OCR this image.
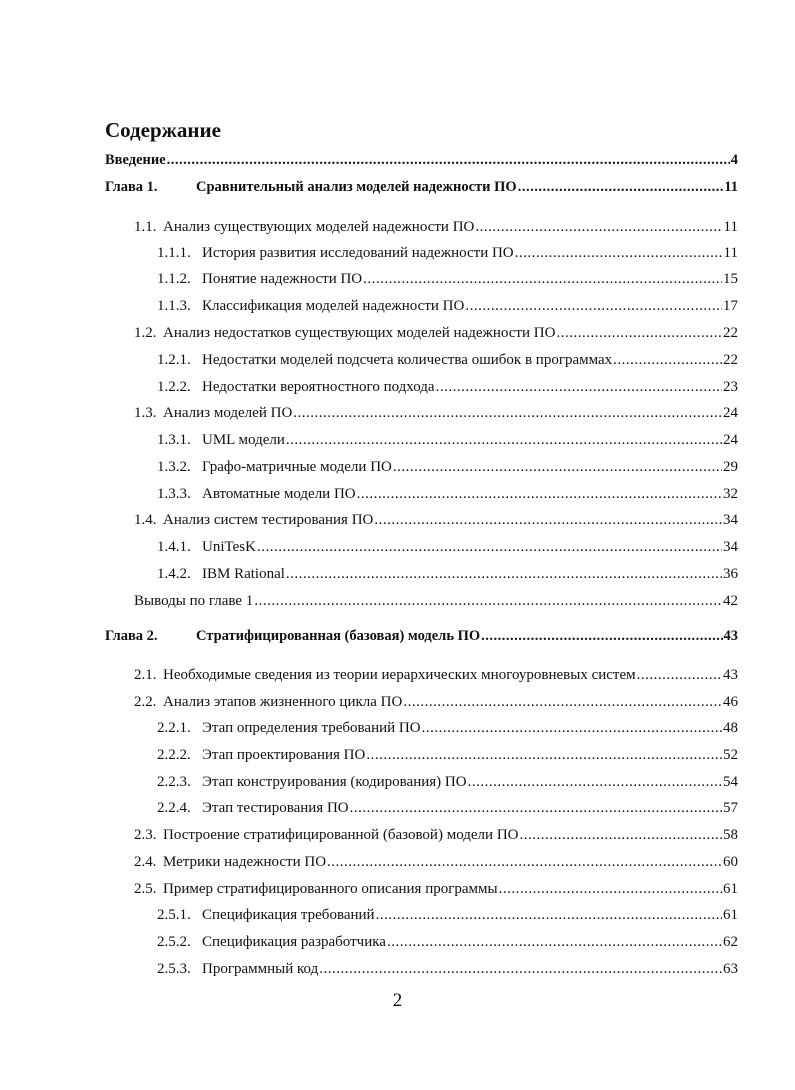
Содержание
Введение .....	4
Глава 1.	Сравнительный анализ моделей надежности ПО .....	11
1.1. Анализ существующих моделей надежности ПО .....	11
1.1.1. История развития исследований надежности ПО .....	11
1.1.2. Понятие надежности ПО .....	15
1.1.3. Классификация моделей надежности ПО .....	17
1.2. Анализ недостатков существующих моделей надежности ПО .....	22
1.2.1. Недостатки моделей подсчета количества ошибок в программах .....	22
1.2.2. Недостатки вероятностного подхода .....	23
1.3. Анализ моделей ПО .....	24
1.3.1. UML модели .....	24
1.3.2. Графо-матричные модели ПО .....	29
1.3.3. Автоматные модели ПО .....	32
1.4. Анализ систем тестирования ПО .....	34
1.4.1. UniTesK .....	34
1.4.2. IBM Rational .....	36
Выводы по главе 1 .....	42
Глава 2.	Стратифицированная (базовая) модель ПО .....	43
2.1. Необходимые сведения из теории иерархических многоуровневых систем .....	43
2.2. Анализ этапов жизненного цикла ПО .....	46
2.2.1. Этап определения требований ПО .....	48
2.2.2. Этап проектирования ПО .....	52
2.2.3. Этап конструирования (кодирования) ПО .....	54
2.2.4. Этап тестирования ПО .....	57
2.3. Построение стратифицированной (базовой) модели ПО .....	58
2.4. Метрики надежности ПО .....	60
2.5. Пример стратифицированного описания программы .....	61
2.5.1. Спецификация требований .....	61
2.5.2. Спецификация разработчика .....	62
2.5.3. Программный код .....	63
2
